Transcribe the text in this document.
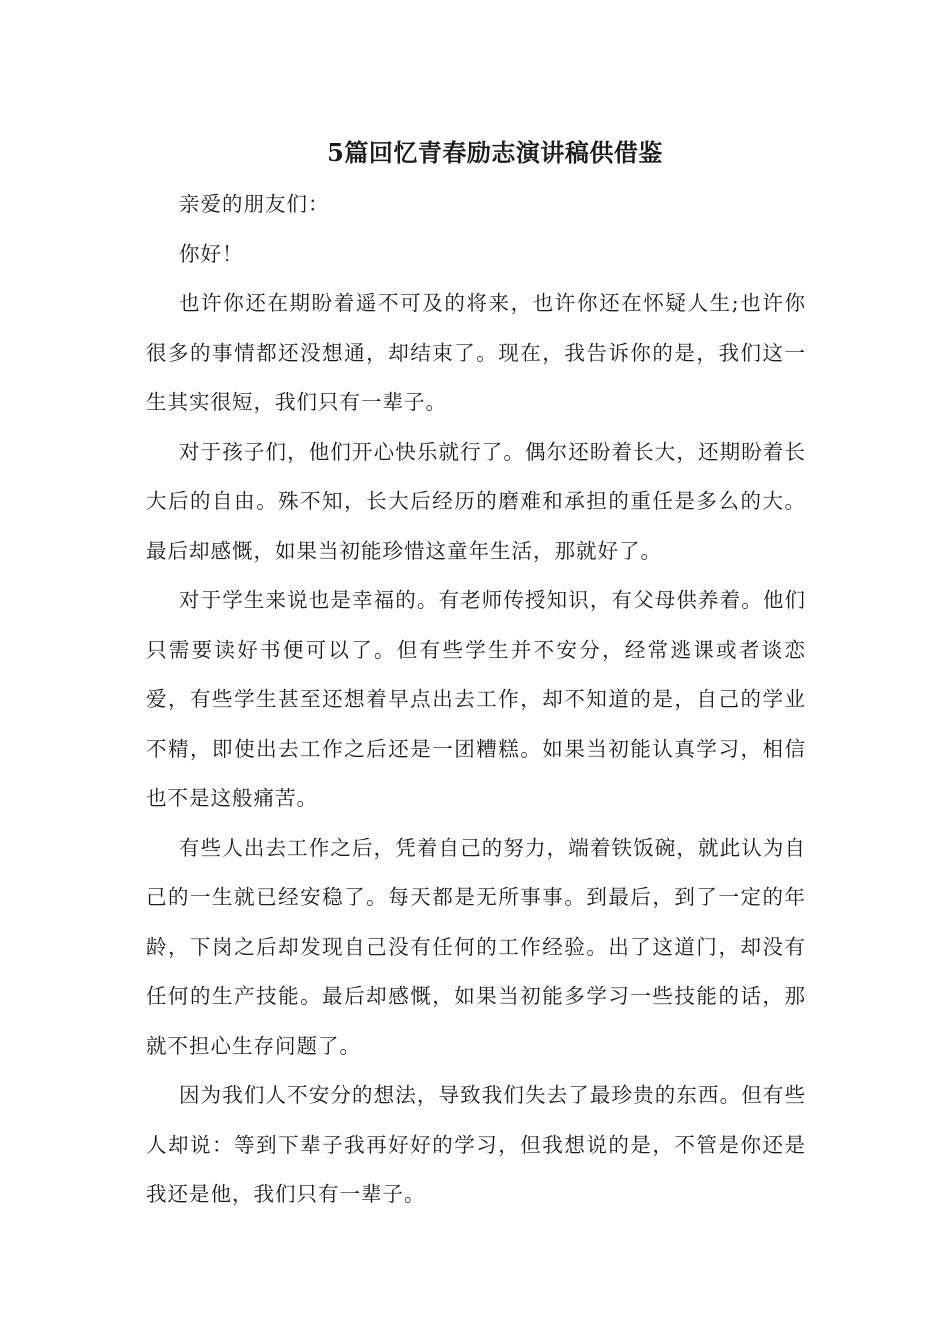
5篇回忆青春励志演讲稿供借鉴

亲爱的朋友们：

你好！

也许你还在期盼着遥不可及的将来，也许你还在怀疑人生;也许你很多的事情都还没想通，却结束了。现在，我告诉你的是，我们这一生其实很短，我们只有一辈子。

对于孩子们，他们开心快乐就行了。偶尔还盼着长大，还期盼着长大后的自由。殊不知，长大后经历的磨难和承担的重任是多么的大。最后却感慨，如果当初能珍惜这童年生活，那就好了。

对于学生来说也是幸福的。有老师传授知识，有父母供养着。他们只需要读好书便可以了。但有些学生并不安分，经常逃课或者谈恋爱，有些学生甚至还想着早点出去工作，却不知道的是，自己的学业不精，即使出去工作之后还是一团糟糕。如果当初能认真学习，相信也不是这般痛苦。

有些人出去工作之后，凭着自己的努力，端着铁饭碗，就此认为自己的一生就已经安稳了。每天都是无所事事。到最后，到了一定的年龄，下岗之后却发现自己没有任何的工作经验。出了这道门，却没有任何的生产技能。最后却感慨，如果当初能多学习一些技能的话，那就不担心生存问题了。

因为我们人不安分的想法，导致我们失去了最珍贵的东西。但有些人却说：等到下辈子我再好好的学习，但我想说的是，不管是你还是我还是他，我们只有一辈子。
